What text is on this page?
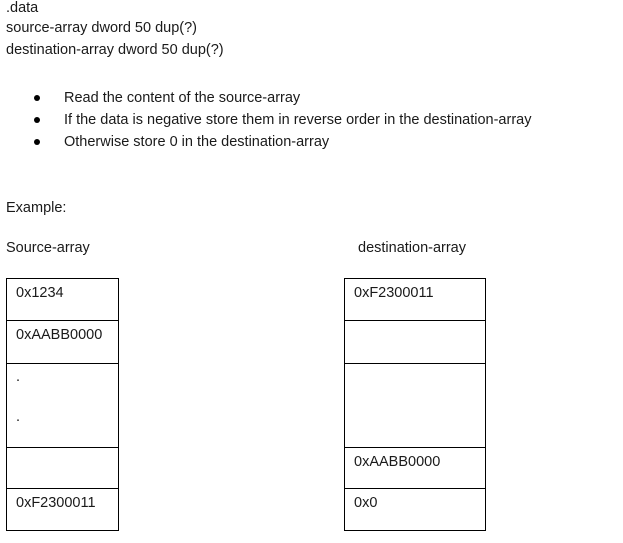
.data
source-array dword 50 dup(?)
destination-array dword 50 dup(?)
Read the content of the source-array
If the data is negative store them in reverse order in the destination-array
Otherwise store 0 in the destination-array
Example:
Source-array	destination-array
0x1234
0xAABB0000
.
.
0xF2300011
0xF2300011
0xAABB0000
0x0
